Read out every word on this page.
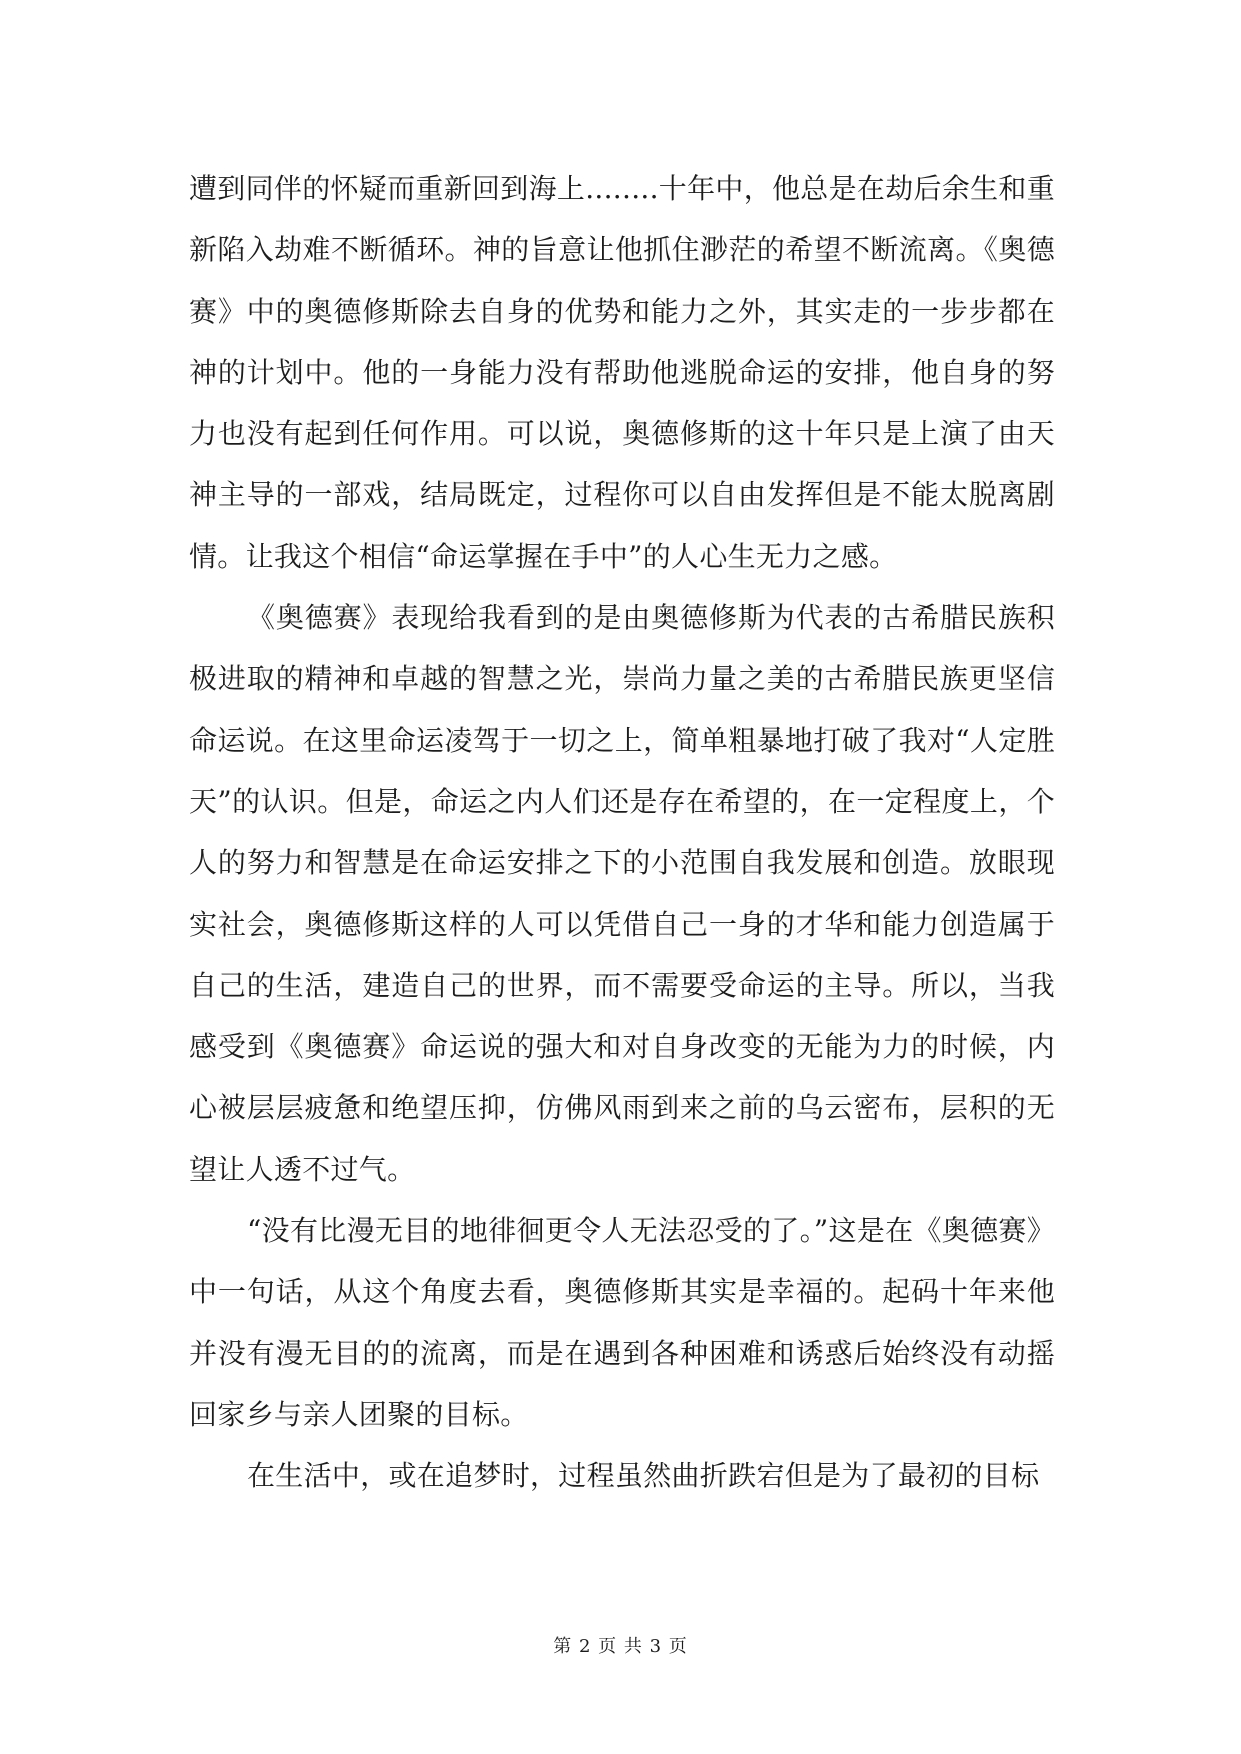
遭到同伴的怀疑而重新回到海上........十年中，他总是在劫后余生和重新陷入劫难不断循环。神的旨意让他抓住渺茫的希望不断流离。《奥德赛》中的奥德修斯除去自身的优势和能力之外，其实走的一步步都在神的计划中。他的一身能力没有帮助他逃脱命运的安排，他自身的努力也没有起到任何作用。可以说，奥德修斯的这十年只是上演了由天神主导的一部戏，结局既定，过程你可以自由发挥但是不能太脱离剧情。让我这个相信“命运掌握在手中”的人心生无力之感。

《奥德赛》表现给我看到的是由奥德修斯为代表的古希腊民族积极进取的精神和卓越的智慧之光，崇尚力量之美的古希腊民族更坚信命运说。在这里命运凌驾于一切之上，简单粗暴地打破了我对“人定胜天”的认识。但是，命运之内人们还是存在希望的，在一定程度上，个人的努力和智慧是在命运安排之下的小范围自我发展和创造。放眼现实社会，奥德修斯这样的人可以凭借自己一身的才华和能力创造属于自己的生活，建造自己的世界，而不需要受命运的主导。所以，当我感受到《奥德赛》命运说的强大和对自身改变的无能为力的时候，内心被层层疲惫和绝望压抑，仿佛风雨到来之前的乌云密布，层积的无望让人透不过气。

“没有比漫无目的地徘徊更令人无法忍受的了。”这是在《奥德赛》中一句话，从这个角度去看，奥德修斯其实是幸福的。起码十年来他并没有漫无目的的流离，而是在遇到各种困难和诱惑后始终没有动摇回家乡与亲人团聚的目标。

在生活中，或在追梦时，过程虽然曲折跌宕但是为了最初的目标

第 2 页 共 3 页
